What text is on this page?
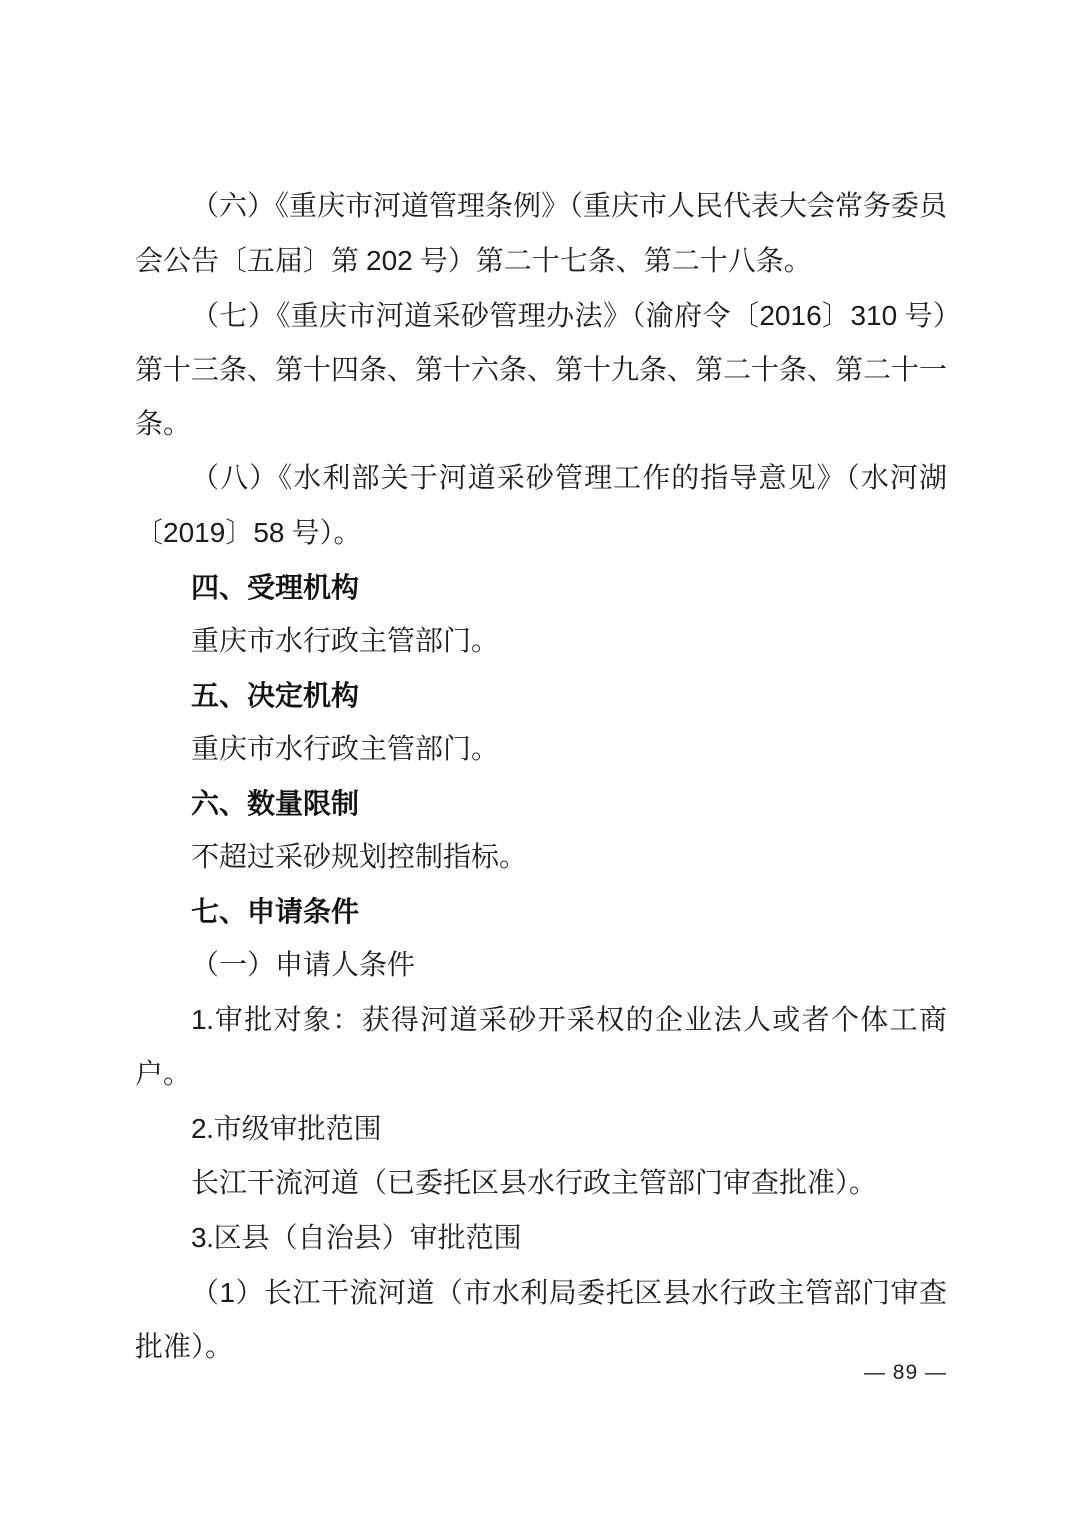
（六）《重庆市河道管理条例》（重庆市人民代表大会常务委员会公告〔五届〕第 202 号）第二十七条、第二十八条。

（七）《重庆市河道采砂管理办法》（渝府令〔2016〕310 号）第十三条、第十四条、第十六条、第十九条、第二十条、第二十一条。

（八）《水利部关于河道采砂管理工作的指导意见》（水河湖〔2019〕58 号）。

四、受理机构

重庆市水行政主管部门。

五、决定机构

重庆市水行政主管部门。

六、数量限制

不超过采砂规划控制指标。

七、申请条件

（一）申请人条件

1.审批对象：获得河道采砂开采权的企业法人或者个体工商户。

2.市级审批范围

长江干流河道（已委托区县水行政主管部门审查批准）。

3.区县（自治县）审批范围

（1）长江干流河道（市水利局委托区县水行政主管部门审查批准）。

— 89 —
